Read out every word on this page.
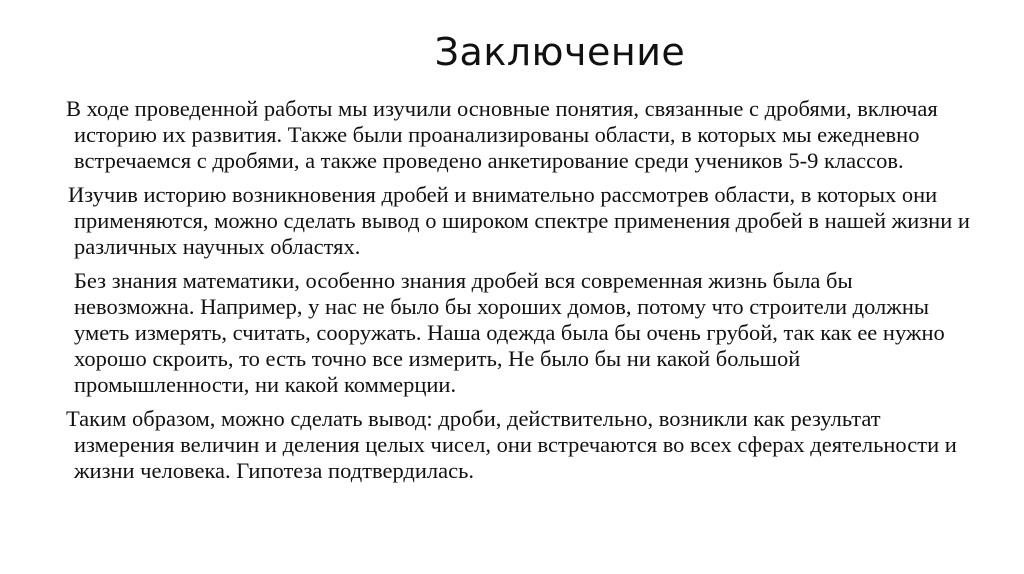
Заключение

В ходе проведенной работы мы изучили основные понятия, связанные с дробями, включая историю их развития. Также были проанализированы области, в которых мы ежедневно встречаемся с дробями, а также проведено анкетирование среди учеников 5-9 классов.

Изучив историю возникновения дробей и внимательно рассмотрев области, в которых они применяются, можно сделать вывод о широком спектре применения дробей в нашей жизни и различных научных областях.

Без знания математики, особенно знания дробей вся современная жизнь была бы невозможна. Например, у нас не было бы хороших домов, потому что строители должны уметь измерять, считать, сооружать. Наша одежда была бы очень грубой, так как ее нужно хорошо скроить, то есть точно все измерить, Не было бы ни какой большой промышленности, ни какой коммерции.

Таким образом, можно сделать вывод: дроби, действительно, возникли как результат измерения величин и деления целых чисел, они встречаются во всех сферах деятельности и жизни человека. Гипотеза подтвердилась.
